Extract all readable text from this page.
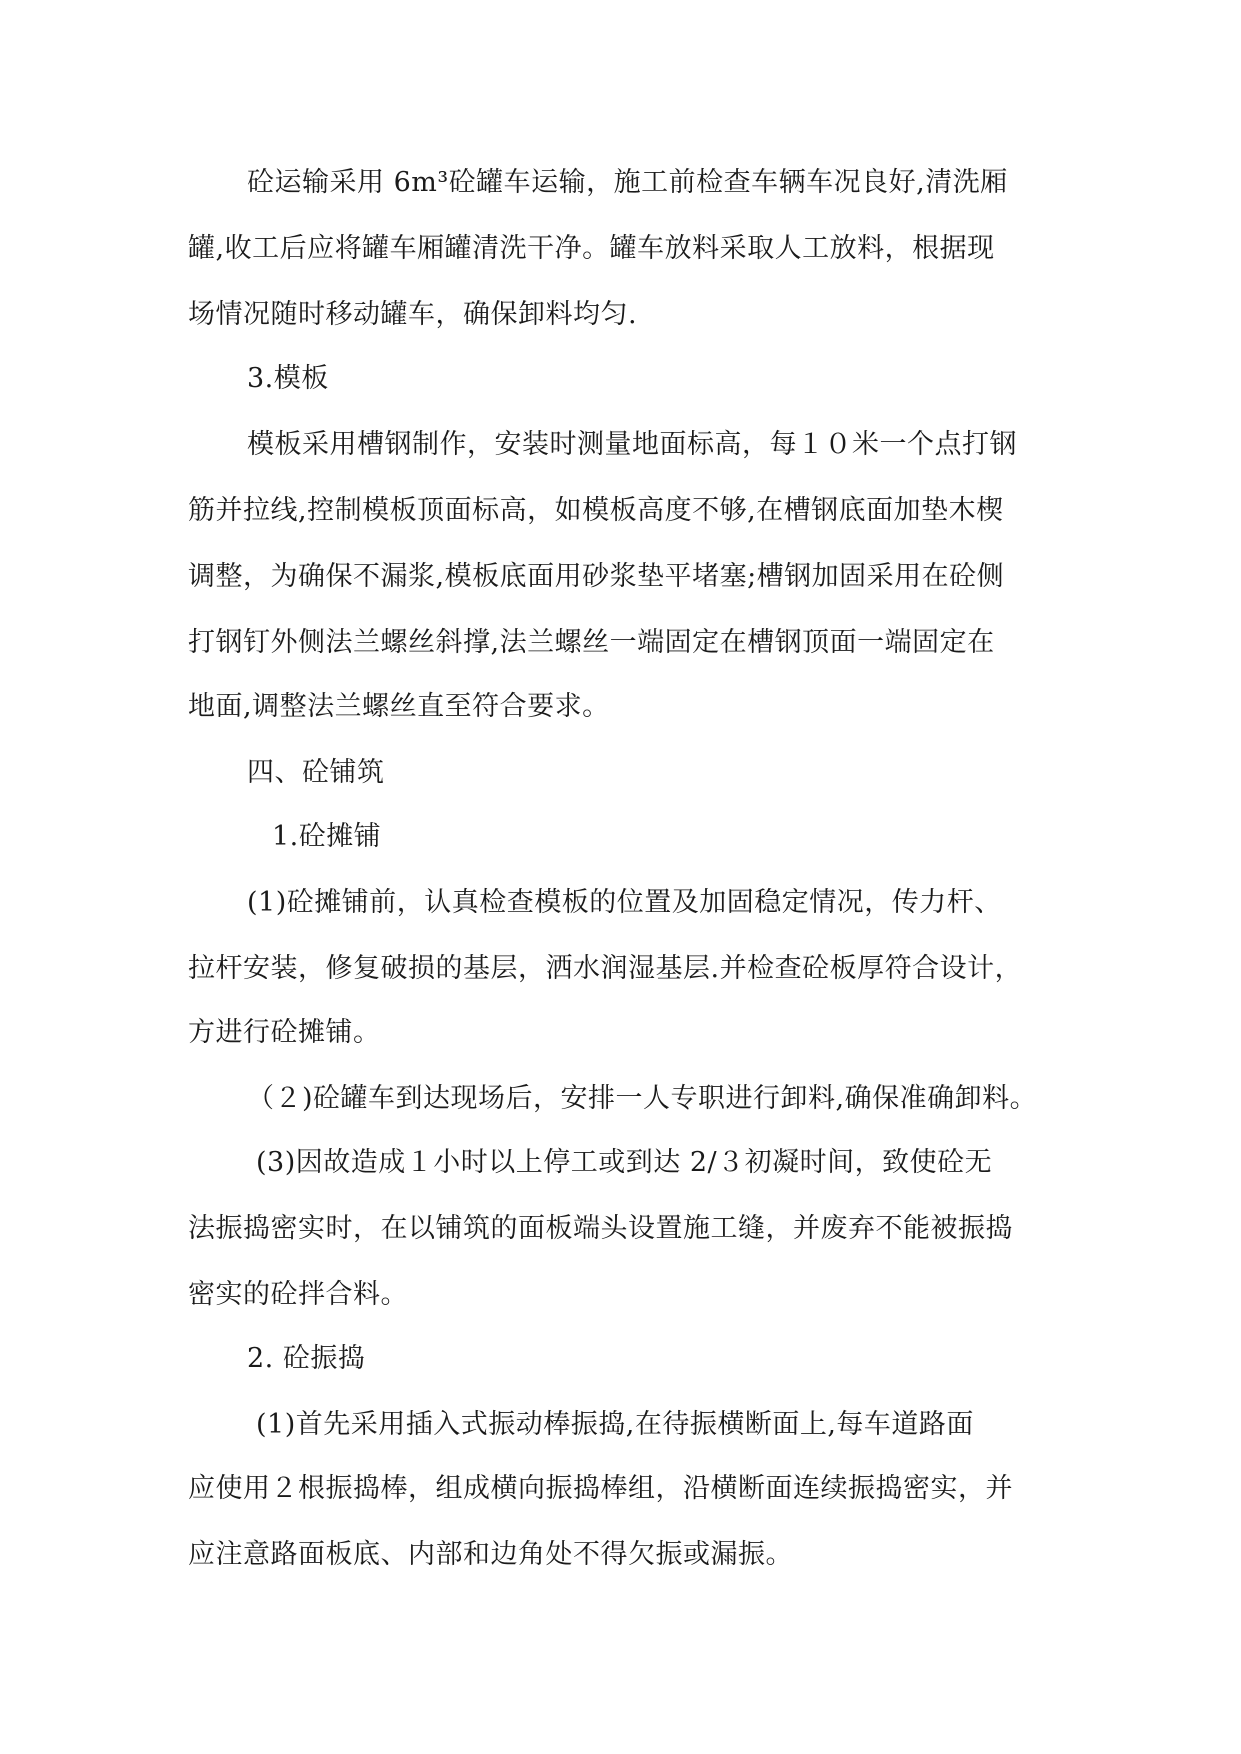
砼运输采用 6m³砼罐车运输，施工前检查车辆车况良好,清洗厢
罐,收工后应将罐车厢罐清洗干净。罐车放料采取人工放料，根据现
场情况随时移动罐车，确保卸料均匀.
3.模板
模板采用槽钢制作，安装时测量地面标高，每１０米一个点打钢
筋并拉线,控制模板顶面标高，如模板高度不够,在槽钢底面加垫木楔
调整，为确保不漏浆,模板底面用砂浆垫平堵塞;槽钢加固采用在砼侧
打钢钉外侧法兰螺丝斜撑,法兰螺丝一端固定在槽钢顶面一端固定在
地面,调整法兰螺丝直至符合要求。
四、砼铺筑
1.砼摊铺
(1)砼摊铺前，认真检查模板的位置及加固稳定情况，传力杆、
拉杆安装，修复破损的基层，洒水润湿基层.并检查砼板厚符合设计，
方进行砼摊铺。
（２)砼罐车到达现场后，安排一人专职进行卸料,确保准确卸料。
(3)因故造成１小时以上停工或到达 2/３初凝时间，致使砼无
法振捣密实时，在以铺筑的面板端头设置施工缝，并废弃不能被振捣
密实的砼拌合料。
2. 砼振捣
(1)首先采用插入式振动棒振捣,在待振横断面上,每车道路面
应使用２根振捣棒，组成横向振捣棒组，沿横断面连续振捣密实，并
应注意路面板底、内部和边角处不得欠振或漏振。
